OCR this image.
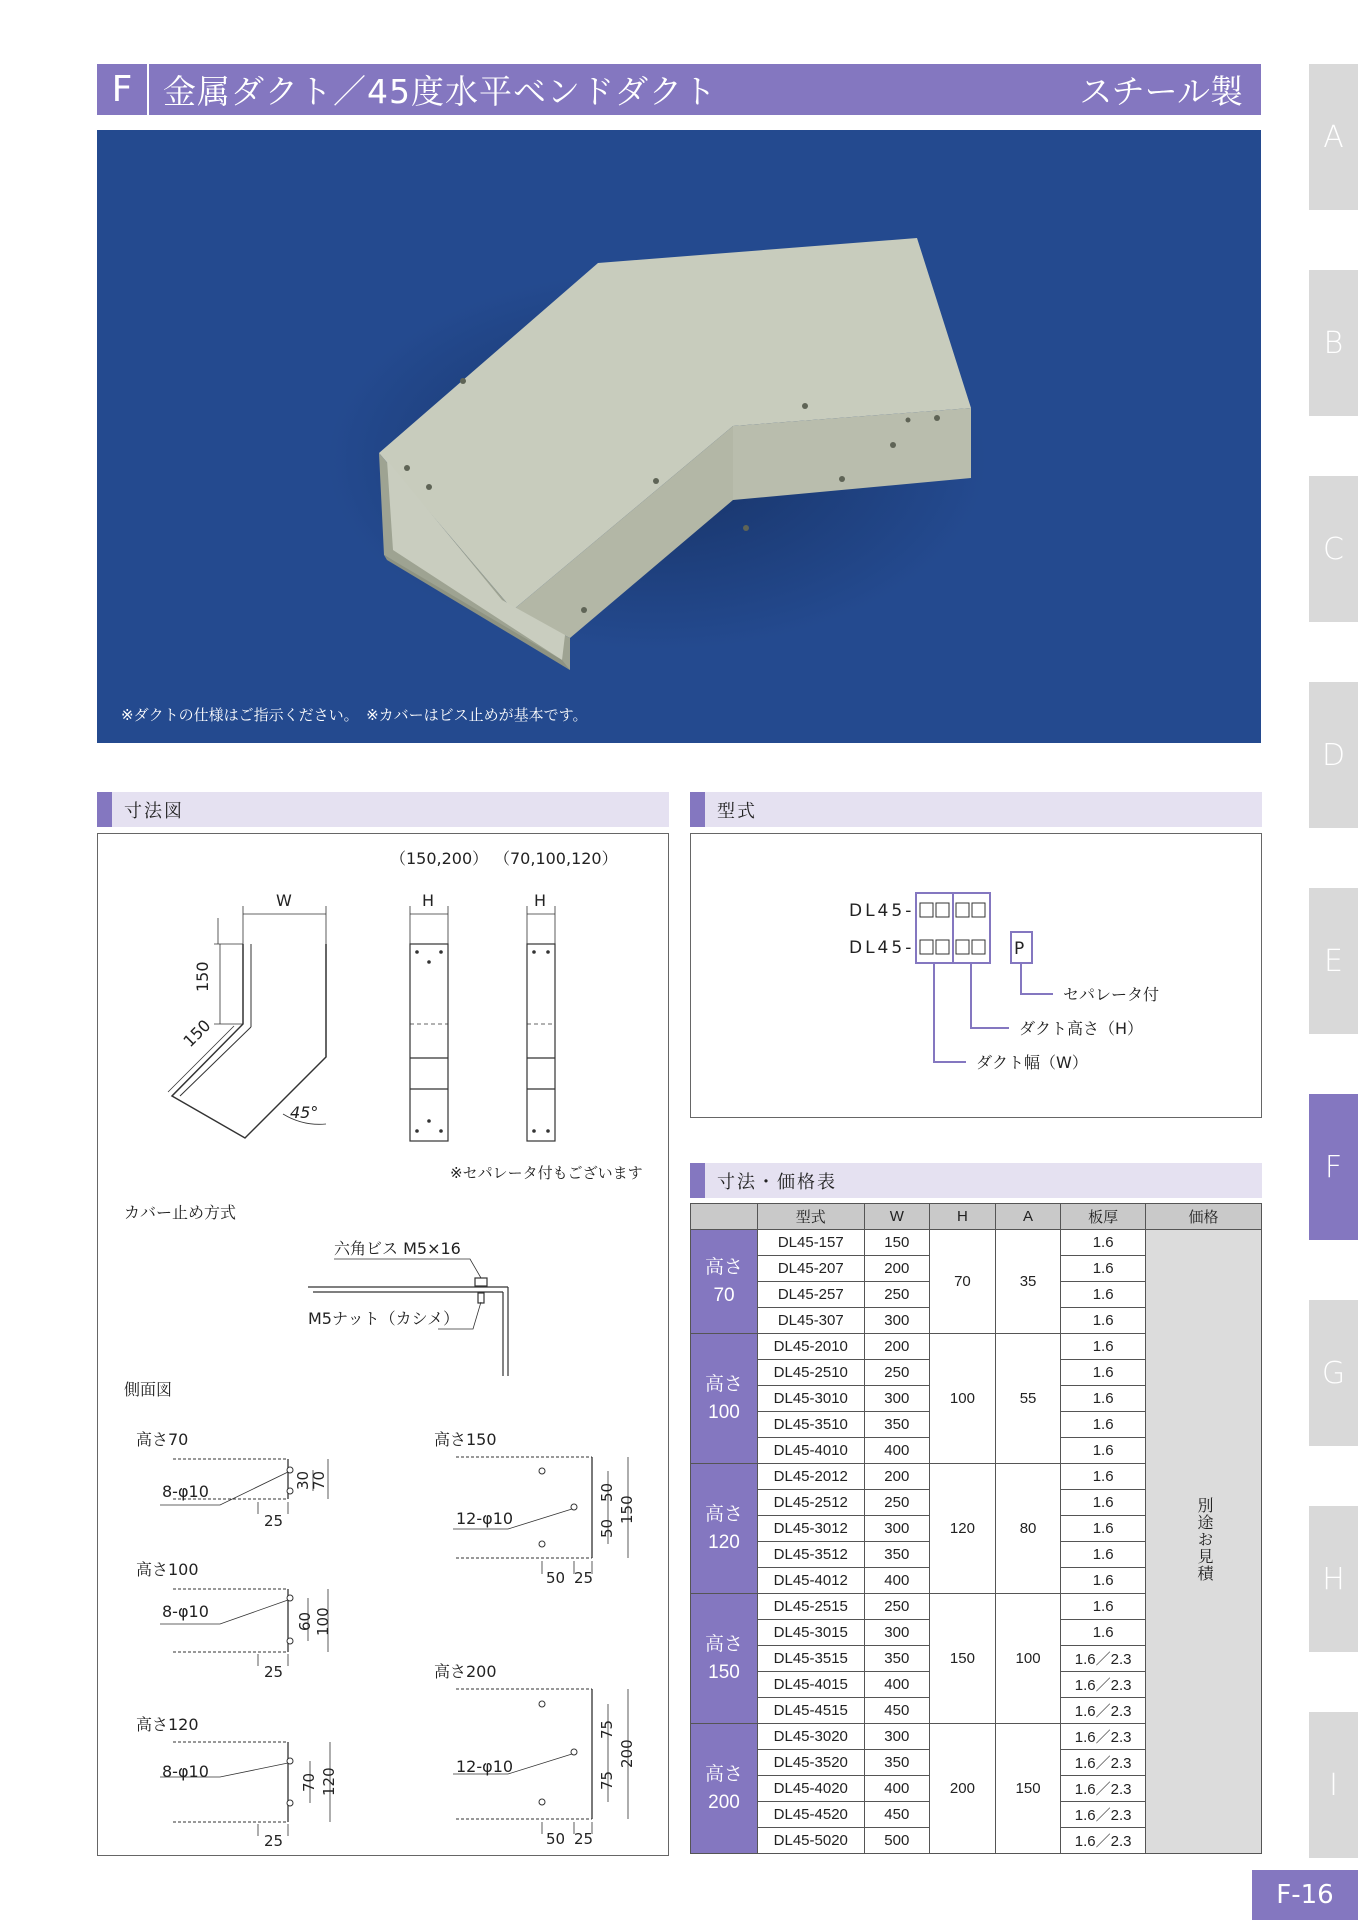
F 金属ダクト／45度水平ベンドダクト	スチール製
※ダクトの仕様はご指示ください。　※カバーはビス止めが基本です。
寸法図	型式
寸法・価格表
（150,200） （70,100,120）
W
150
150
45°
H	H
※セパレータ付もございます
カバー止め方式
六角ビス M5×16
M5ナット（カシメ）
側面図
高さ70
8-φ10
30
70
25
高さ100
8-φ10
60 100
25
高さ120
8-φ10
70 120
25
高さ150
12-φ10
50
50
150
50 25
高さ200
12-φ10
75
75
200
50 25
DL45-
DL45-	P
セパレータ付
ダクト高さ（H）
ダクト幅（W）
	型式	W	H	A	板厚	価格

高さ
70	DL45-157	150	70	35	1.6	別途お見積
	DL45-207	200			1.6	
	DL45-257	250			1.6	
	DL45-307	300			1.6	

高さ
100	DL45-2010	200	100	55	1.6	
	DL45-2510	250			1.6	
	DL45-3010	300			1.6	
	DL45-3510	350			1.6	
	DL45-4010	400			1.6	

高さ
120	DL45-2012	200	120	80	1.6	
	DL45-2512	250			1.6	
	DL45-3012	300			1.6	
	DL45-3512	350			1.6	
	DL45-4012	400			1.6	

高さ
150	DL45-2515	250	150	100	1.6	
	DL45-3015	300			1.6	
	DL45-3515	350			1.6／2.3	
	DL45-4015	400			1.6／2.3	
	DL45-4515	450			1.6／2.3	

高さ
200	DL45-3020	300	200	150	1.6／2.3	
	DL45-3520	350			1.6／2.3	
	DL45-4020	400			1.6／2.3	
	DL45-4520	450			1.6／2.3	
	DL45-5020	500			1.6／2.3	
A
B
C
D
E
F
G
H
I
F-16
